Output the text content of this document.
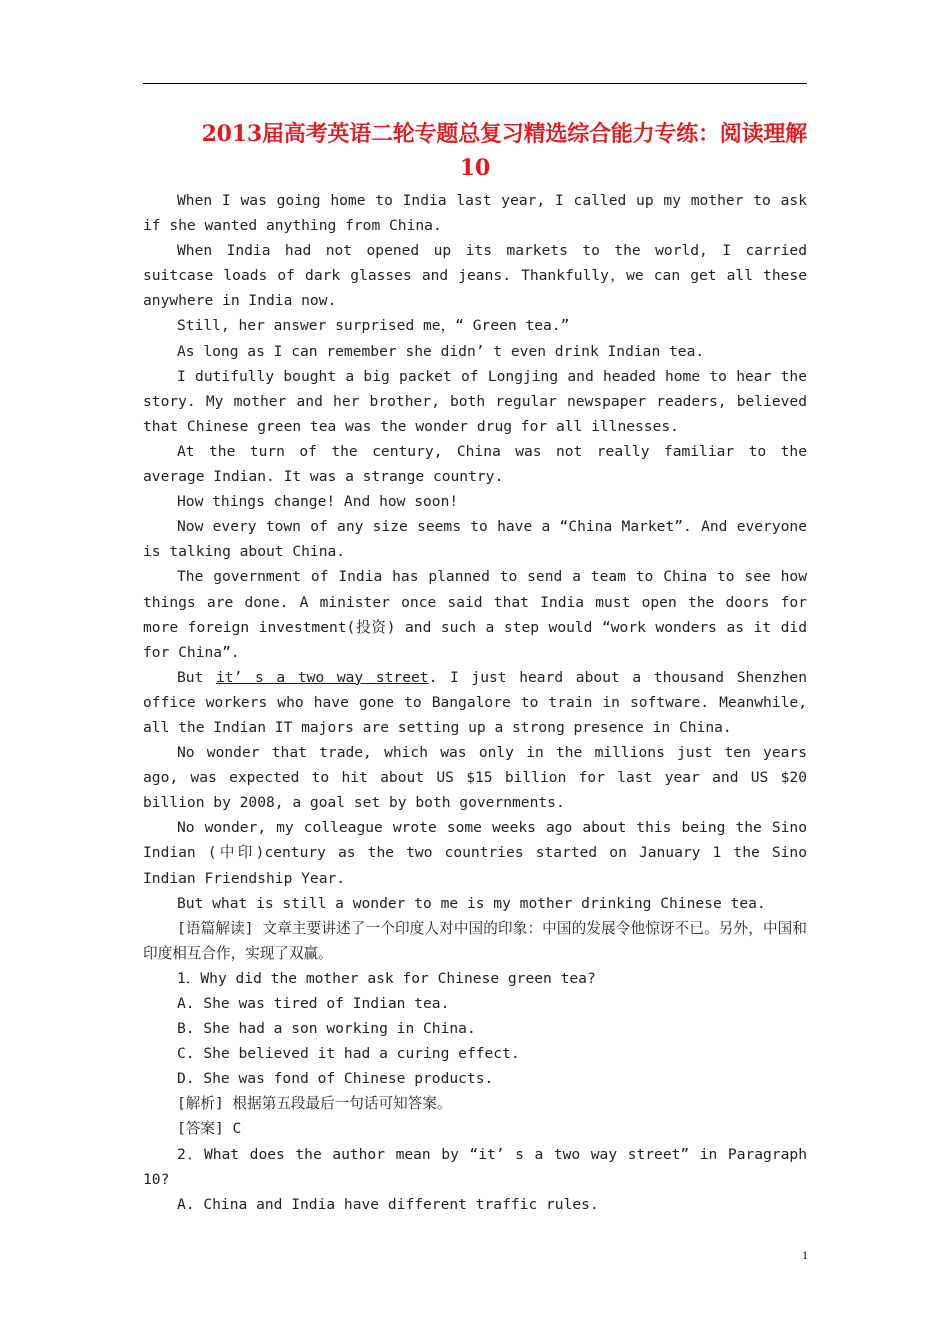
2013届高考英语二轮专题总复习精选综合能力专练：阅读理解
10

When I was going home to India last year, I called up my mother to ask if she wanted anything from China.

When India had not opened up its markets to the world, I carried suitcase loads of dark glasses and jeans. Thankfully，we can get all these anywhere in India now.

Still, her answer surprised me，“ Green tea.”

As long as I can remember she didn’ t even drink Indian tea.

I dutifully bought a big packet of Longjing and headed home to hear the story. My mother and her brother, both regular newspaper readers, believed that Chinese green tea was the wonder drug for all illnesses.

At the turn of the century, China was not really familiar to the average Indian. It was a strange country.

How things change! And how soon!

Now every town of any size seems to have a “China Market”. And everyone is talking about China.

The government of India has planned to send a team to China to see how things are done. A minister once said that India must open the doors for more foreign investment(投资) and such a step would “work wonders as it did for China”.

But it’ s a two way street. I just heard about a thousand Shenzhen office workers who have gone to Bangalore to train in software. Meanwhile, all the Indian IT majors are setting up a strong presence in China.

No wonder that trade, which was only in the millions just ten years ago, was expected to hit about US $15 billion for last year and US $20 billion by 2008, a goal set by both governments.

No wonder, my colleague wrote some weeks ago about this being the Sino Indian (中印)century as the two countries started on January 1 the Sino Indian Friendship Year.

But what is still a wonder to me is my mother drinking Chinese tea.

[语篇解读] 文章主要讲述了一个印度人对中国的印象：中国的发展令他惊讶不已。另外，中国和印度相互合作，实现了双赢。

1．Why did the mother ask for Chinese green tea?

A. She was tired of Indian tea.

B. She had a son working in China.

C. She believed it had a curing effect.

D. She was fond of Chinese products.

[解析] 根据第五段最后一句话可知答案。

[答案] C

2．What does the author mean by “it’ s a two way street” in Paragraph 10?

A. China and India have different traffic rules.

1
